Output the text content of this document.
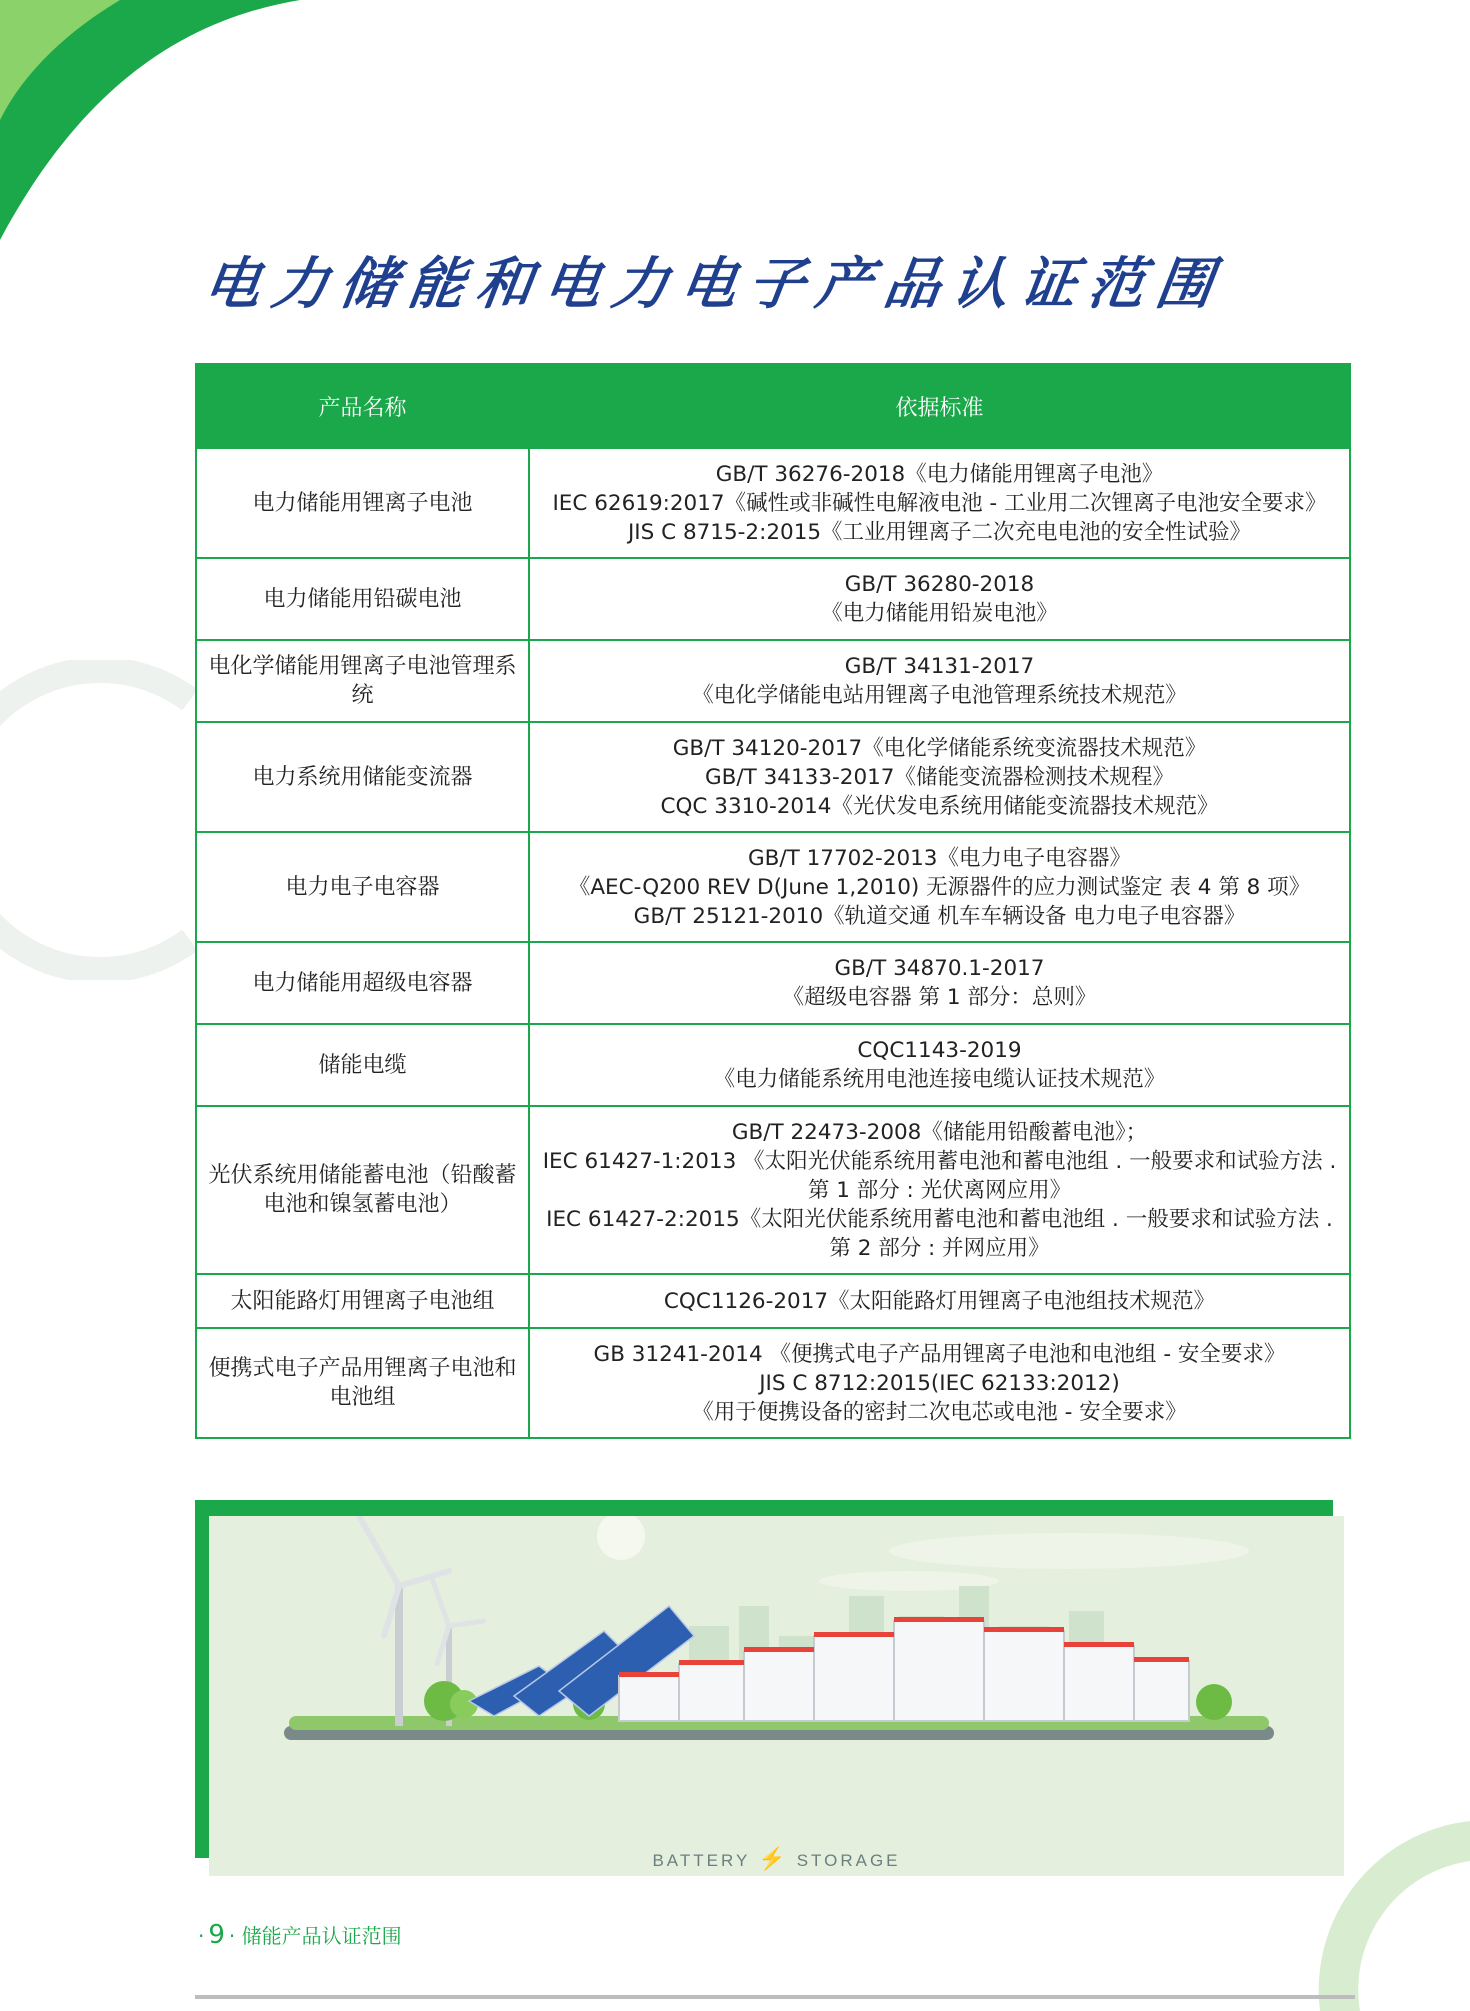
电力储能和电力电子产品认证范围
产品名称	依据标准
电力储能用锂离子电池	GB/T 36276-2018《电力储能用锂离子电池》
IEC 62619:2017《碱性或非碱性电解液电池 - 工业用二次锂离子电池安全要求》
JIS C 8715-2:2015《工业用锂离子二次充电电池的安全性试验》

电力储能用铅碳电池	GB/T 36280-2018
《电力储能用铅炭电池》

电化学储能用锂离子电池管理系统	GB/T 34131-2017
《电化学储能电站用锂离子电池管理系统技术规范》

电力系统用储能变流器	GB/T 34120-2017《电化学储能系统变流器技术规范》
GB/T 34133-2017《储能变流器检测技术规程》
CQC 3310-2014《光伏发电系统用储能变流器技术规范》

电力电子电容器	GB/T 17702-2013《电力电子电容器》
《AEC-Q200 REV D(June 1,2010) 无源器件的应力测试鉴定 表 4 第 8 项》
GB/T 25121-2010《轨道交通 机车车辆设备 电力电子电容器》

电力储能用超级电容器	GB/T 34870.1-2017
《超级电容器 第 1 部分：总则》

储能电缆	CQC1143-2019
《电力储能系统用电池连接电缆认证技术规范》

光伏系统用储能蓄电池（铅酸蓄电池和镍氢蓄电池）	GB/T 22473-2008《储能用铅酸蓄电池》；
IEC 61427-1:2013 《太阳光伏能系统用蓄电池和蓄电池组 . 一般要求和试验方法 . 第 1 部分 : 光伏离网应用》
IEC 61427-2:2015《太阳光伏能系统用蓄电池和蓄电池组 . 一般要求和试验方法 . 第 2 部分 : 并网应用》

太阳能路灯用锂离子电池组	CQC1126-2017《太阳能路灯用锂离子电池组技术规范》

便携式电子产品用锂离子电池和电池组	GB 31241-2014 《便携式电子产品用锂离子电池和电池组 - 安全要求》
JIS C 8712:2015(IEC 62133:2012)
《用于便携设备的密封二次电芯或电池 - 安全要求》
BATTERY ⚡ STORAGE
· 9 · 储能产品认证范围
